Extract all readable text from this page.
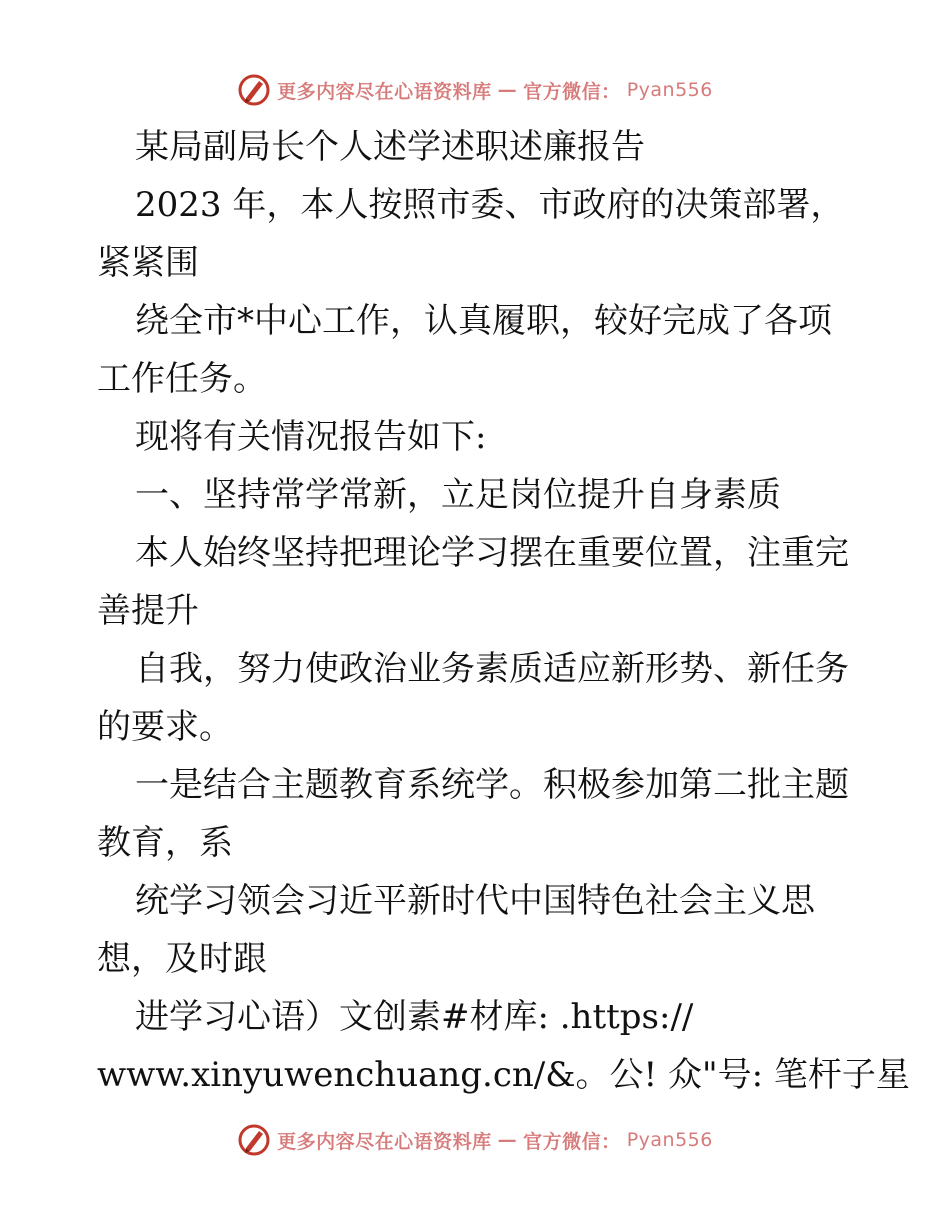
更多内容尽在心语资料库 — 官方微信： Pyan556
某局副局长个人述学述职述廉报告
2023 年，本人按照市委、市政府的决策部署，
紧紧围
绕全市*中心工作，认真履职，较好完成了各项
工作任务。
现将有关情况报告如下:
一、坚持常学常新，立足岗位提升自身素质
本人始终坚持把理论学习摆在重要位置，注重完
善提升
自我，努力使政治业务素质适应新形势、新任务
的要求。
一是结合主题教育系统学。积极参加第二批主题
教育，系
统学习领会习近平新时代中国特色社会主义思
想，及时跟
进学习心语）文创素#材库: .https://
www.xinyuwenchuang.cn/&。公! 众"号: 笔杆子星
更多内容尽在心语资料库 — 官方微信： Pyan556
